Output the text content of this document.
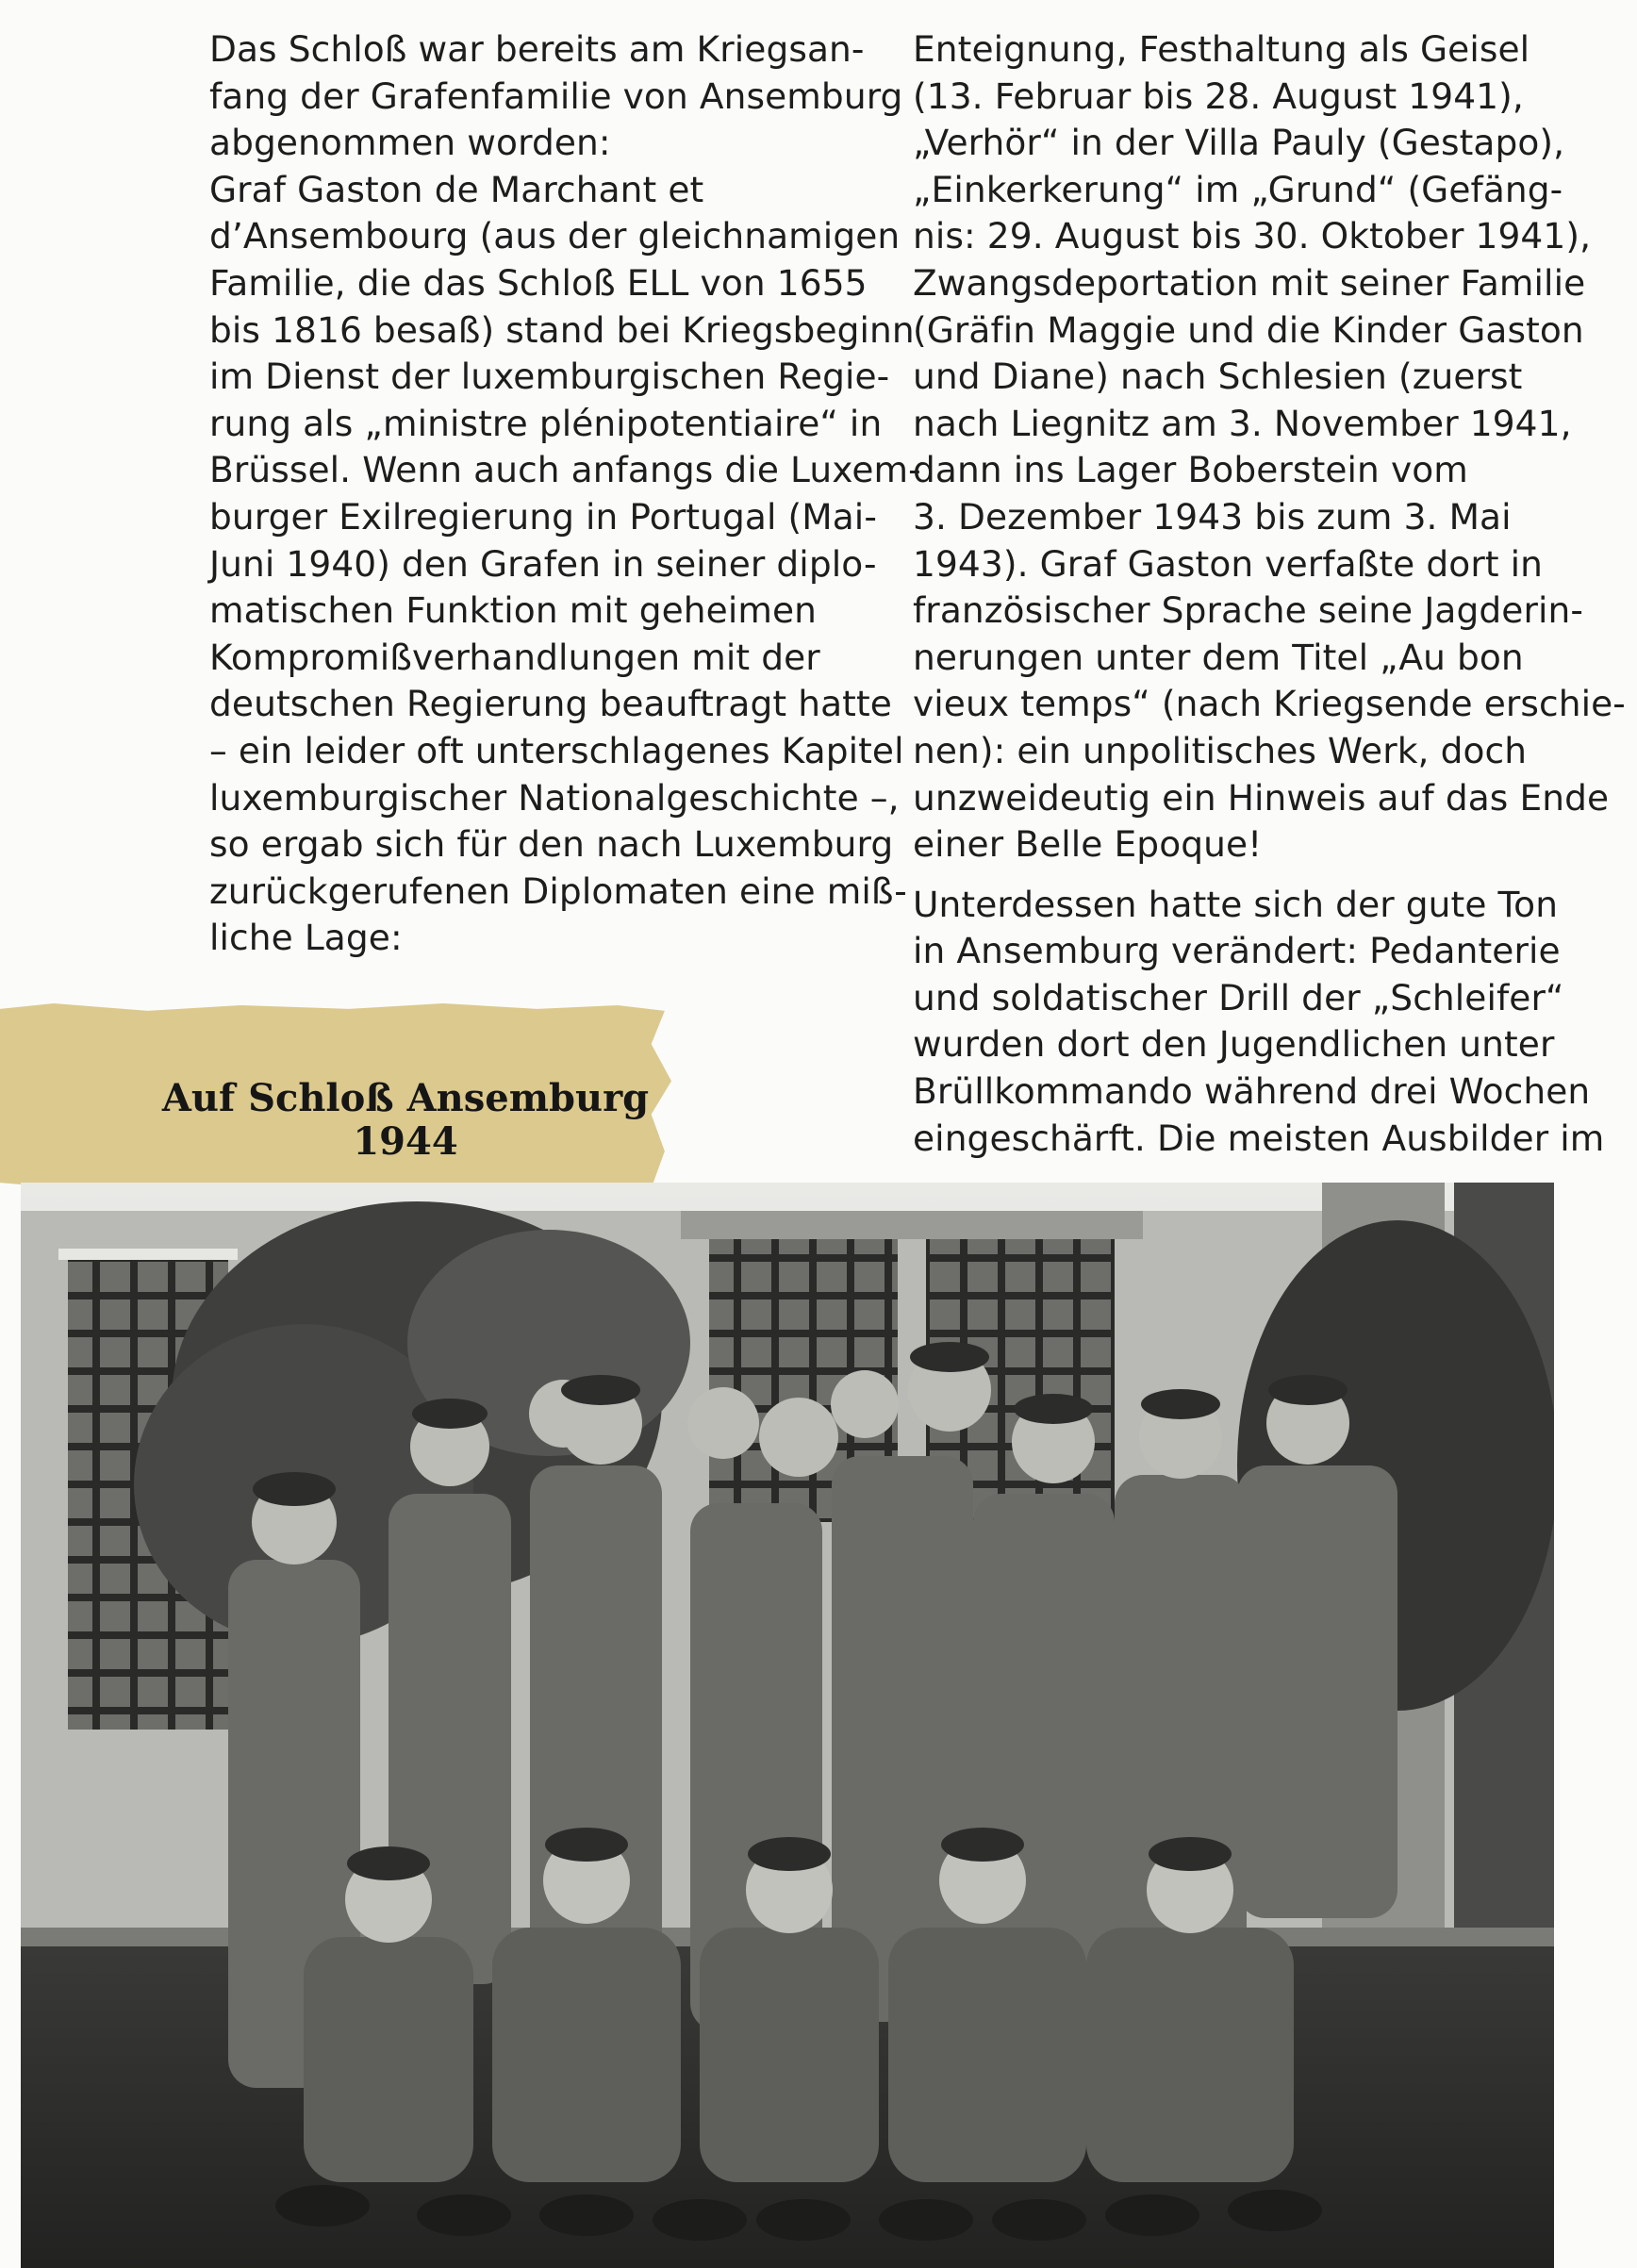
Das Schloß war bereits am Kriegsan-
fang der Grafenfamilie von Ansemburg
abgenommen worden:
Graf Gaston de Marchant et
d’Ansembourg (aus der gleichnamigen
Familie, die das Schloß ELL von 1655
bis 1816 besaß) stand bei Kriegsbeginn
im Dienst der luxemburgischen Regie-
rung als „ministre plénipotentiaire“ in
Brüssel. Wenn auch anfangs die Luxem-
burger Exilregierung in Portugal (Mai-
Juni 1940) den Grafen in seiner diplo-
matischen Funktion mit geheimen
Kompromißverhandlungen mit der
deutschen Regierung beauftragt hatte
– ein leider oft unterschlagenes Kapitel
luxemburgischer Nationalgeschichte –,
so ergab sich für den nach Luxemburg
zurückgerufenen Diplomaten eine miß-
liche Lage:
Enteignung, Festhaltung als Geisel
(13. Februar bis 28. August 1941),
„Verhör“ in der Villa Pauly (Gestapo),
„Einkerkerung“ im „Grund“ (Gefäng-
nis: 29. August bis 30. Oktober 1941),
Zwangsdeportation mit seiner Familie
(Gräfin Maggie und die Kinder Gaston
und Diane) nach Schlesien (zuerst
nach Liegnitz am 3. November 1941,
dann ins Lager Boberstein vom
3. Dezember 1943 bis zum 3. Mai
1943). Graf Gaston verfaßte dort in
französischer Sprache seine Jagderin-
nerungen unter dem Titel „Au bon
vieux temps“ (nach Kriegsende erschie-
nen): ein unpolitisches Werk, doch
unzweideutig ein Hinweis auf das Ende
einer Belle Epoque!
Unterdessen hatte sich der gute Ton
in Ansemburg verändert: Pedanterie
und soldatischer Drill der „Schleifer“
wurden dort den Jugendlichen unter
Brüllkommando während drei Wochen
eingeschärft. Die meisten Ausbilder im
Auf Schloß Ansemburg
1944
